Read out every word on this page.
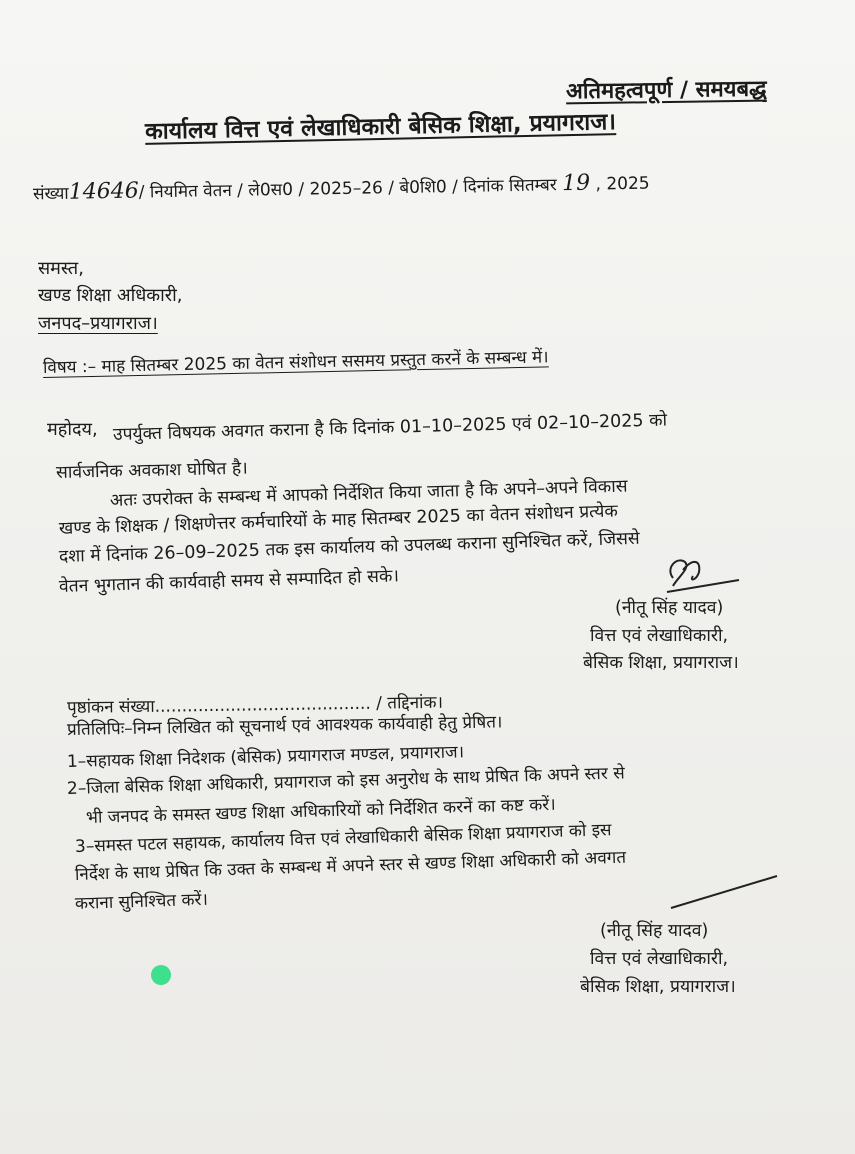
अतिमहत्वपूर्ण / समयबद्ध
कार्यालय वित्त एवं लेखाधिकारी बेसिक शिक्षा, प्रयागराज।
संख्या14646/ नियमित वेतन / ले0स0 / 2025–26 / बे0शि0 / दिनांक सितम्बर 19 , 2025
समस्त,
खण्ड शिक्षा अधिकारी,
जनपद–प्रयागराज।
विषय :– माह सितम्बर 2025 का वेतन संशोधन ससमय प्रस्तुत करनें के सम्बन्ध में।
महोदय, उपर्युक्त विषयक अवगत कराना है कि दिनांक 01–10–2025 एवं 02–10–2025 को
सार्वजनिक अवकाश घोषित है।
अतः उपरोक्त के सम्बन्ध में आपको निर्देशित किया जाता है कि अपने–अपने विकास
खण्ड के शिक्षक / शिक्षणेत्तर कर्मचारियों के माह सितम्बर 2025 का वेतन संशोधन प्रत्येक
दशा में दिनांक 26–09–2025 तक इस कार्यालय को उपलब्ध कराना सुनिश्चित करें, जिससे
वेतन भुगतान की कार्यवाही समय से सम्पादित हो सके।
(नीतू सिंह यादव)
वित्त एवं लेखाधिकारी,
बेसिक शिक्षा, प्रयागराज।
पृष्ठांकन संख्या........................................ / तद्दिनांक।
प्रतिलिपिः–निम्न लिखित को सूचनार्थ एवं आवश्यक कार्यवाही हेतु प्रेषित।
1–सहायक शिक्षा निदेशक (बेसिक) प्रयागराज मण्डल, प्रयागराज।
2–जिला बेसिक शिक्षा अधिकारी, प्रयागराज को इस अनुरोध के साथ प्रेषित कि अपने स्तर से
भी जनपद के समस्त खण्ड शिक्षा अधिकारियों को निर्देशित करनें का कष्ट करें।
3–समस्त पटल सहायक, कार्यालय वित्त एवं लेखाधिकारी बेसिक शिक्षा प्रयागराज को इस
निर्देश के साथ प्रेषित कि उक्त के सम्बन्ध में अपने स्तर से खण्ड शिक्षा अधिकारी को अवगत
कराना सुनिश्चित करें।
(नीतू सिंह यादव)
वित्त एवं लेखाधिकारी,
बेसिक शिक्षा, प्रयागराज।
